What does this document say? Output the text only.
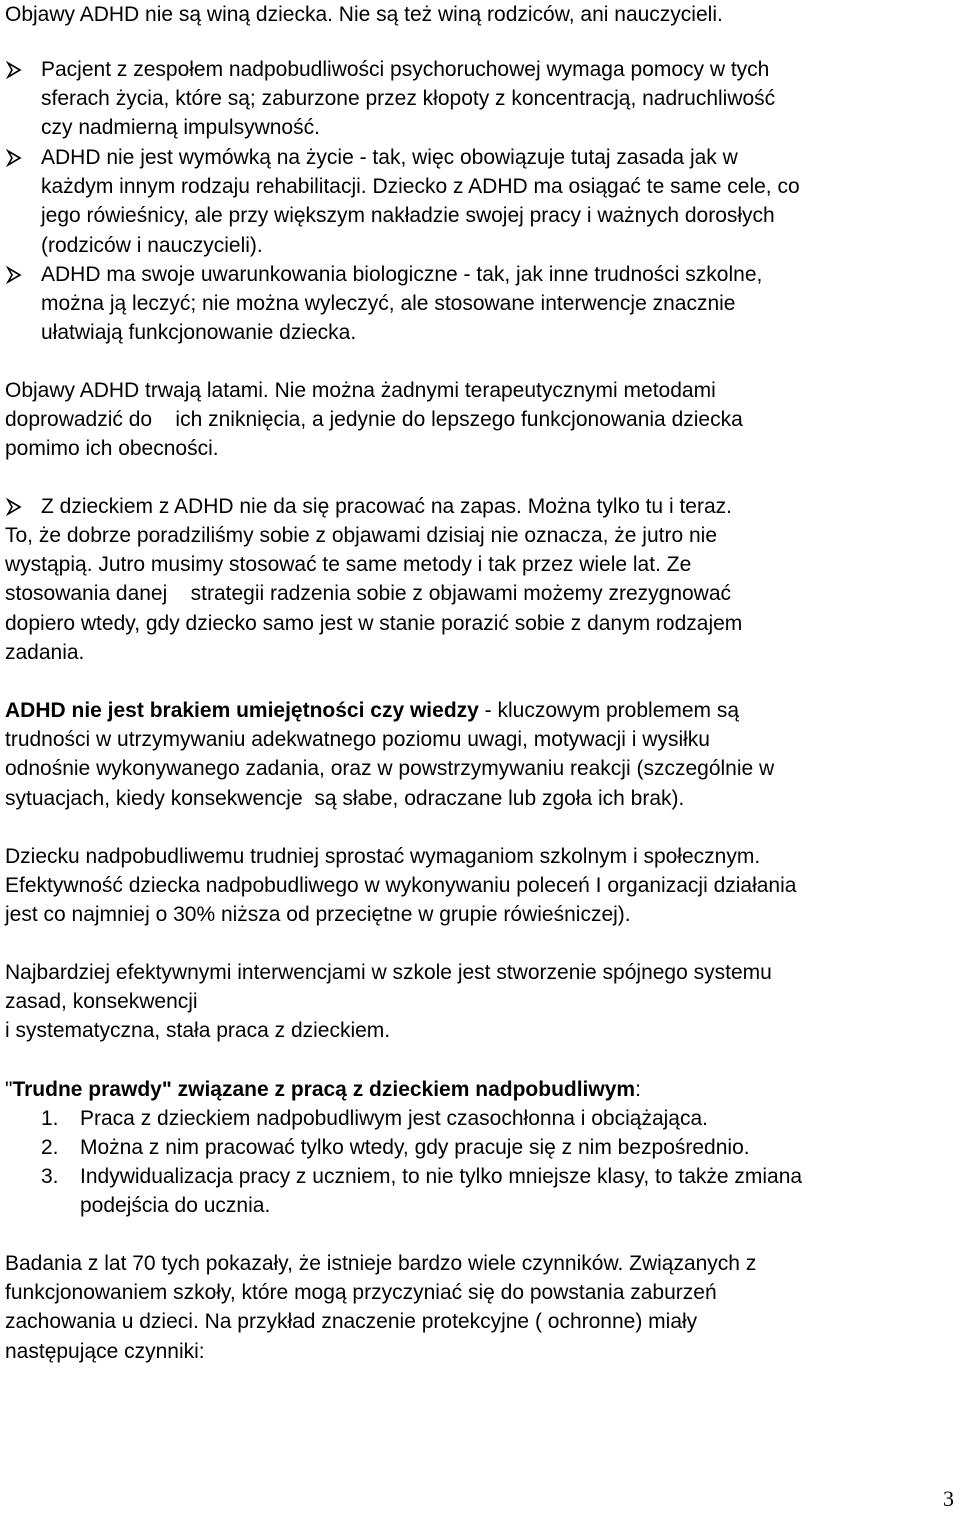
Objawy ADHD nie są winą dziecka. Nie są też winą rodziców, ani nauczycieli.

Pacjent z zespołem nadpobudliwości psychoruchowej wymaga pomocy w tych

sferach życia, które są; zaburzone przez kłopoty z koncentracją, nadruchliwość

czy nadmierną impulsywność.

ADHD nie jest wymówką na życie - tak, więc obowiązuje tutaj zasada jak w

każdym innym rodzaju rehabilitacji. Dziecko z ADHD ma osiągać te same cele, co

jego rówieśnicy, ale przy większym nakładzie swojej pracy i ważnych dorosłych

(rodziców i nauczycieli).

ADHD ma swoje uwarunkowania biologiczne - tak, jak inne trudności szkolne,

można ją leczyć; nie można wyleczyć, ale stosowane interwencje znacznie

ułatwiają funkcjonowanie dziecka.

Objawy ADHD trwają latami. Nie można żadnymi terapeutycznymi metodami

doprowadzić do    ich zniknięcia, a jedynie do lepszego funkcjonowania dziecka

pomimo ich obecności.

Z dzieckiem z ADHD nie da się pracować na zapas. Można tylko tu i teraz.

To, że dobrze poradziliśmy sobie z objawami dzisiaj nie oznacza, że jutro nie

wystąpią. Jutro musimy stosować te same metody i tak przez wiele lat. Ze

stosowania danej    strategii radzenia sobie z objawami możemy zrezygnować

dopiero wtedy, gdy dziecko samo jest w stanie porazić sobie z danym rodzajem

zadania.

ADHD nie jest brakiem umiejętności czy wiedzy - kluczowym problemem są

trudności w utrzymywaniu adekwatnego poziomu uwagi, motywacji i wysiłku

odnośnie wykonywanego zadania, oraz w powstrzymywaniu reakcji (szczególnie w

sytuacjach, kiedy konsekwencje  są słabe, odraczane lub zgoła ich brak).

Dziecku nadpobudliwemu trudniej sprostać wymaganiom szkolnym i społecznym.

Efektywność dziecka nadpobudliwego w wykonywaniu poleceń I organizacji działania

jest co najmniej o 30% niższa od przeciętne w grupie rówieśniczej).

Najbardziej efektywnymi interwencjami w szkole jest stworzenie spójnego systemu

zasad, konsekwencji

i systematyczna, stała praca z dzieckiem.

"Trudne prawdy" związane z pracą z dzieckiem nadpobudliwym:

1. Praca z dzieckiem nadpobudliwym jest czasochłonna i obciążająca.

2. Można z nim pracować tylko wtedy, gdy pracuje się z nim bezpośrednio.

3. Indywidualizacja pracy z uczniem, to nie tylko mniejsze klasy, to także zmiana

podejścia do ucznia.

Badania z lat 70 tych pokazały, że istnieje bardzo wiele czynników. Związanych z

funkcjonowaniem szkoły, które mogą przyczyniać się do powstania zaburzeń

zachowania u dzieci. Na przykład znaczenie protekcyjne ( ochronne) miały

następujące czynniki:

3
